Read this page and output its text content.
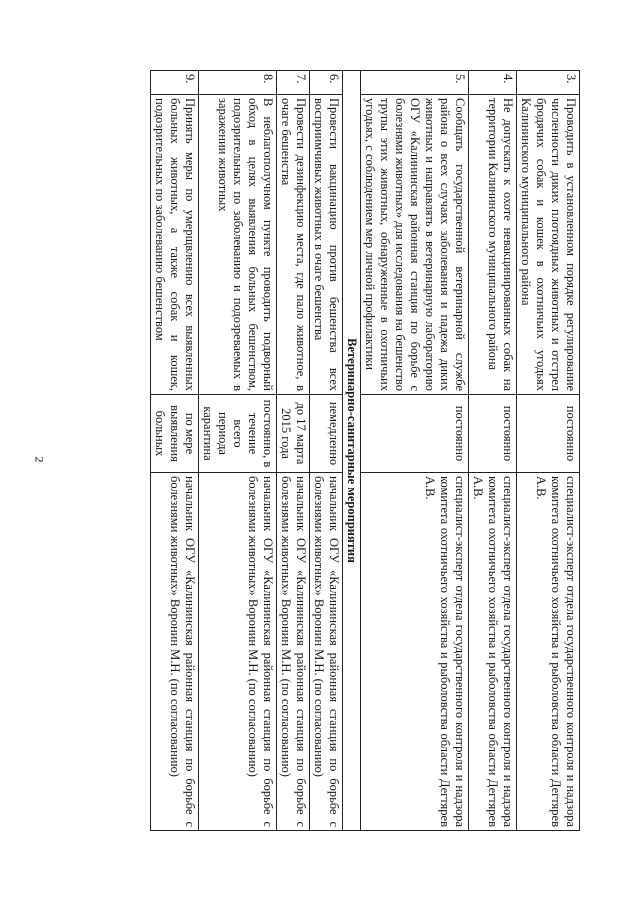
2
3.	Проводить в установленном порядке регулирование численности диких плотоядных животных и отстрел бродячих собак и кошек в охотничьих угодьях Калининского муниципального района	постоянно	специалист-эксперт отдела государственного контроля и надзора комитета охотничьего хозяйства и рыболовства области Дегтярев А.В.
4.	Не допускать к охоте невакцинированных собак на территории Калининского муниципального района	постоянно	специалист-эксперт отдела государственного контроля и надзора комитета охотничьего хозяйства и рыболовства области Дегтярев А.В.
5.	Сообщать государственной ветеринарной службе района о всех случаях заболевания и падежа диких животных и направлять в ветеринарную лабораторию ОГУ «Калининская районная станция по борьбе с болезнями животных» для исследования на бешенство трупы этих животных, обнаруженные в охотничьих угодьях, с соблюдением мер личной профилактики	постоянно	специалист-эксперт отдела государственного контроля и надзора комитета охотничьего хозяйства и рыболовства области Дегтярев А.В.
Ветеринарно-санитарные мероприятия			
6.	Провести вакцинацию против бешенства всех восприимчивых животных в очаге бешенства	немедленно	начальник ОГУ «Калининская районная станция по борьбе с болезнями животных» Воронин М.Н. (по согласованию)
7.	Провести дезинфекцию места, где пало животное, в очаге бешенства	до 17 марта 2015 года	начальник ОГУ «Калининская районная станция по борьбе с болезнями животных» Воронин М.Н. (по согласованию)
8.	В неблагополучном пункте проводить подворный обход в целях выявления больных бешенством, подозрительных по заболеванию и подозреваемых в заражении животных	постоянно, в течение всего периода карантина	начальник ОГУ «Калининская районная станция по борьбе с болезнями животных» Воронин М.Н. (по согласованию)
9.	Принять меры по умерщвлению всех выявленных больных животных, а также собак и кошек, подозрительных по заболеванию бешенством	по мере выявления больных	начальник ОГУ «Калининская районная станция по борьбе с болезнями животных» Воронин М.Н. (по согласованию)
